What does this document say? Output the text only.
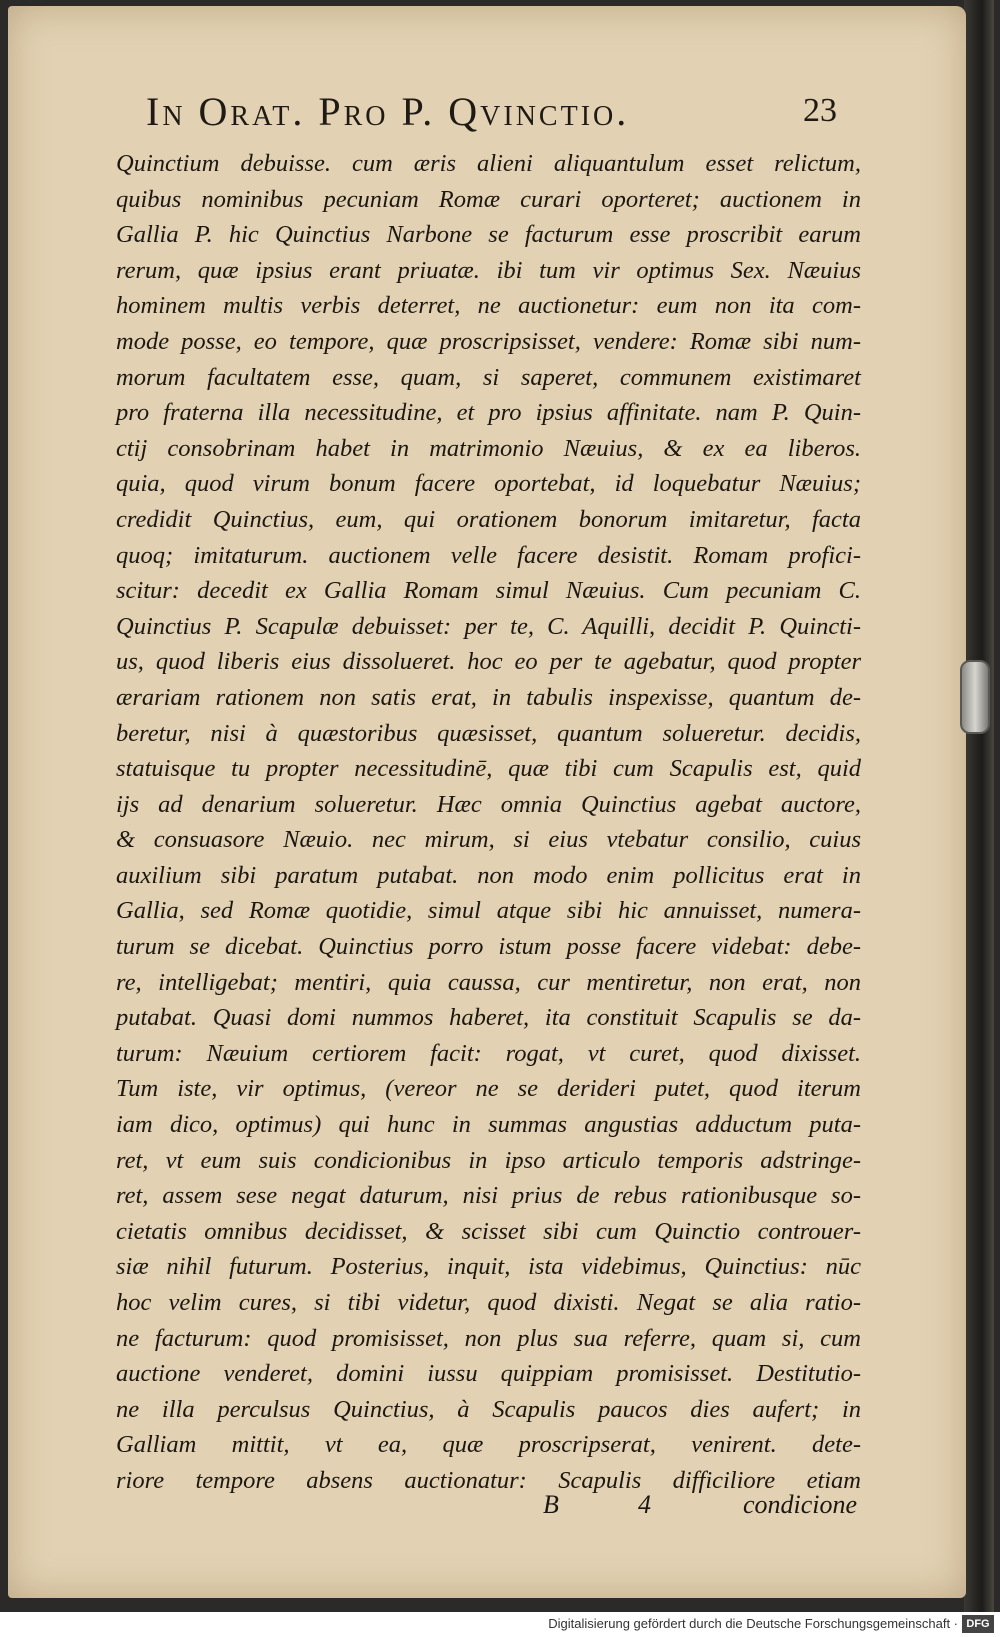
In Orat. Pro P. Qvinctio.	23
Quinctium debuisse. cum æris alieni aliquantulum esset relictum,
quibus nominibus pecuniam Romæ curari oporteret; auctionem in
Gallia P. hic Quinctius Narbone se facturum esse proscribit earum
rerum, quæ ipsius erant priuatæ. ibi tum vir optimus Sex. Næuius
hominem multis verbis deterret, ne auctionetur: eum non ita com-
mode posse, eo tempore, quæ proscripsisset, vendere: Romæ sibi num-
morum facultatem esse, quam, si saperet, communem existimaret
pro fraterna illa necessitudine, et pro ipsius affinitate. nam P. Quin-
ctij consobrinam habet in matrimonio Næuius, & ex ea liberos.
quia, quod virum bonum facere oportebat, id loquebatur Næuius;
credidit Quinctius, eum, qui orationem bonorum imitaretur, facta
quoq; imitaturum. auctionem velle facere desistit. Romam profici-
scitur: decedit ex Gallia Romam simul Næuius. Cum pecuniam C.
Quinctius P. Scapulæ debuisset: per te, C. Aquilli, decidit P. Quincti-
us, quod liberis eius dissolueret. hoc eo per te agebatur, quod propter
ærariam rationem non satis erat, in tabulis inspexisse, quantum de-
beretur, nisi à quæstoribus quæsisset, quantum solueretur. decidis,
statuisque tu propter necessitudinē, quæ tibi cum Scapulis est, quid
ijs ad denarium solueretur. Hæc omnia Quinctius agebat auctore,
& consuasore Næuio. nec mirum, si eius vtebatur consilio, cuius
auxilium sibi paratum putabat. non modo enim pollicitus erat in
Gallia, sed Romæ quotidie, simul atque sibi hic annuisset, numera-
turum se dicebat. Quinctius porro istum posse facere videbat: debe-
re, intelligebat; mentiri, quia caussa, cur mentiretur, non erat, non
putabat. Quasi domi nummos haberet, ita constituit Scapulis se da-
turum: Næuium certiorem facit: rogat, vt curet, quod dixisset.
Tum iste, vir optimus, (vereor ne se derideri putet, quod iterum
iam dico, optimus) qui hunc in summas angustias adductum puta-
ret, vt eum suis condicionibus in ipso articulo temporis adstringe-
ret, assem sese negat daturum, nisi prius de rebus rationibusque so-
cietatis omnibus decidisset, & scisset sibi cum Quinctio controuer-
siæ nihil futurum. Posterius, inquit, ista videbimus, Quinctius: nūc
hoc velim cures, si tibi videtur, quod dixisti. Negat se alia ratio-
ne facturum: quod promisisset, non plus sua referre, quam si, cum
auctione venderet, domini iussu quippiam promisisset. Destitutio-
ne illa perculsus Quinctius, à Scapulis paucos dies aufert; in
Galliam mittit, vt ea, quæ proscripserat, venirent. dete-
riore tempore absens auctionatur: Scapulis difficiliore etiam
B	4	condicione
Digitalisierung gefördert durch die Deutsche Forschungsgemeinschaft · DFG
